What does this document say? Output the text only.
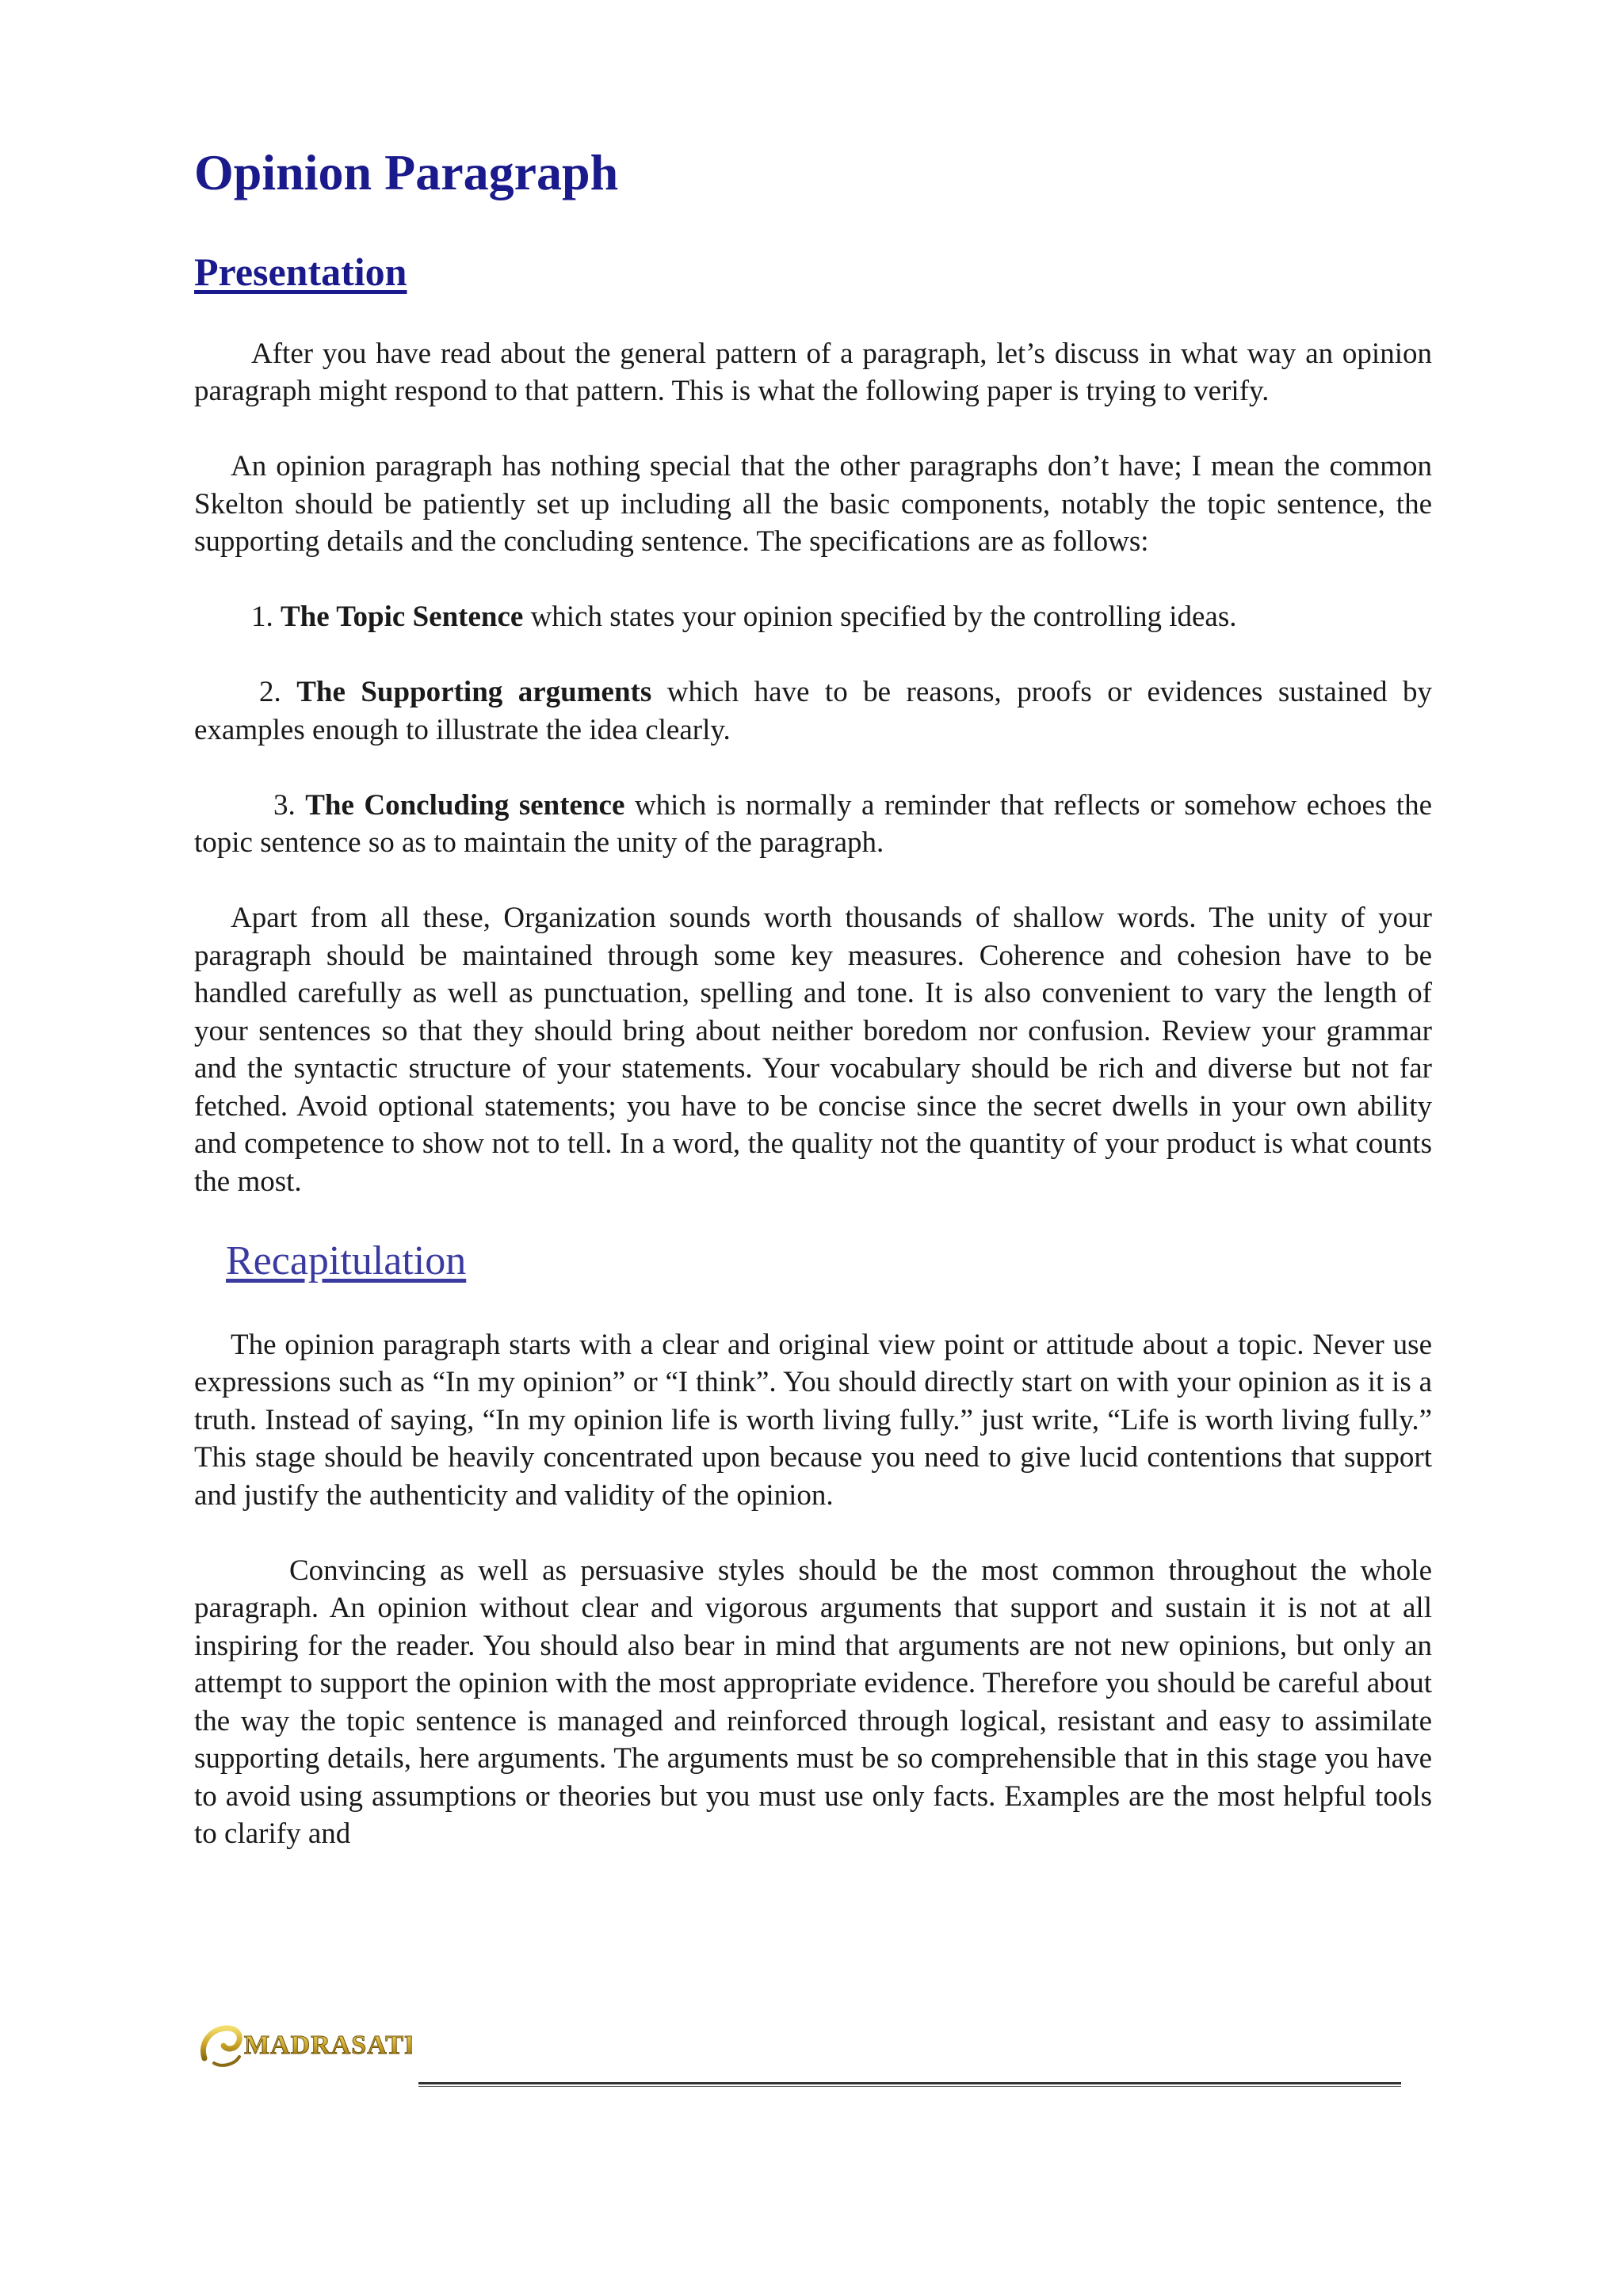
Opinion Paragraph
Presentation

After you have read about the general pattern of a paragraph, let’s discuss in what way an opinion paragraph might respond to that pattern. This is what the following paper is trying to verify.

An opinion paragraph has nothing special that the other paragraphs don’t have; I mean the common Skelton should be patiently set up including all the basic components, notably the topic sentence, the supporting details and the concluding sentence. The specifications are as follows:

1. The Topic Sentence which states your opinion specified by the controlling ideas.

2. The Supporting arguments which have to be reasons, proofs or evidences sustained by examples enough to illustrate the idea clearly.

3. The Concluding sentence which is normally a reminder that reflects or somehow echoes the topic sentence so as to maintain the unity of the paragraph.

Apart from all these, Organization sounds worth thousands of shallow words. The unity of your paragraph should be maintained through some key measures. Coherence and cohesion have to be handled carefully as well as punctuation, spelling and tone. It is also convenient to vary the length of your sentences so that they should bring about neither boredom nor confusion. Review your grammar and the syntactic structure of your statements. Your vocabulary should be rich and diverse but not far fetched. Avoid optional statements; you have to be concise since the secret dwells in your own ability and competence to show not to tell. In a word, the quality not the quantity of your product is what counts the most.

Recapitulation

The opinion paragraph starts with a clear and original view point or attitude about a topic. Never use expressions such as “In my opinion” or “I think”. You should directly start on with your opinion as it is a truth. Instead of saying, “In my opinion life is worth living fully.” just write, “Life is worth living fully.” This stage should be heavily concentrated upon because you need to give lucid contentions that support and justify the authenticity and validity of the opinion.

Convincing as well as persuasive styles should be the most common throughout the whole paragraph. An opinion without clear and vigorous arguments that support and sustain it is not at all inspiring for the reader. You should also bear in mind that arguments are not new opinions, but only an attempt to support the opinion with the most appropriate evidence. Therefore you should be careful about the way the topic sentence is managed and reinforced through logical, resistant and easy to assimilate supporting details, here arguments. The arguments must be so comprehensible that in this stage you have to avoid using assumptions or theories but you must use only facts. Examples are the most helpful tools to clarify and

MADRASATI
